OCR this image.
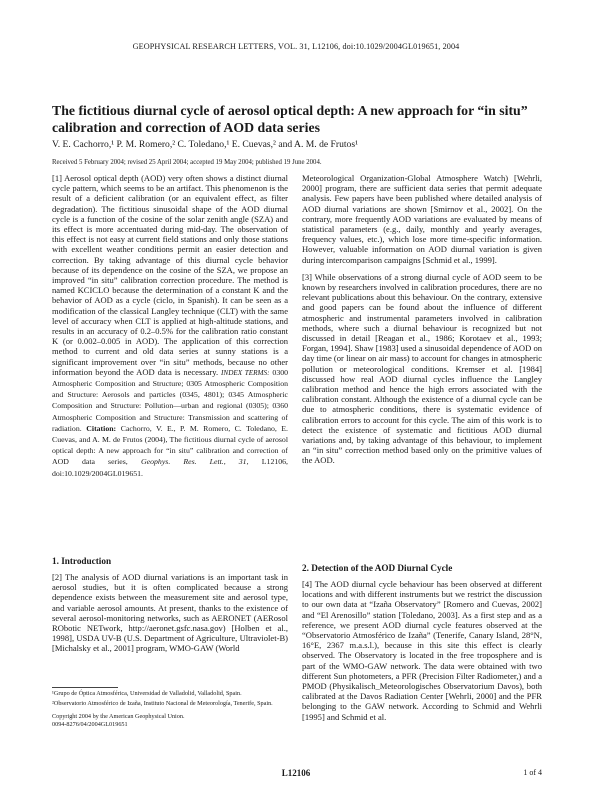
GEOPHYSICAL RESEARCH LETTERS, VOL. 31, L12106, doi:10.1029/2004GL019651, 2004
The fictitious diurnal cycle of aerosol optical depth: A new approach for “in situ” calibration and correction of AOD data series
V. E. Cachorro,¹ P. M. Romero,² C. Toledano,¹ E. Cuevas,² and A. M. de Frutos¹
Received 5 February 2004; revised 25 April 2004; accepted 19 May 2004; published 19 June 2004.

[1] Aerosol optical depth (AOD) very often shows a distinct diurnal cycle pattern, which seems to be an artifact. This phenomenon is the result of a deficient calibration (or an equivalent effect, as filter degradation). The fictitious sinusoidal shape of the AOD diurnal cycle is a function of the cosine of the solar zenith angle (SZA) and its effect is more accentuated during mid-day. The observation of this effect is not easy at current field stations and only those stations with excellent weather conditions permit an easier detection and correction. By taking advantage of this diurnal cycle behavior because of its dependence on the cosine of the SZA, we propose an improved “in situ” calibration correction procedure. The method is named KCICLO because the determination of a constant K and the behavior of AOD as a cycle (ciclo, in Spanish). It can be seen as a modification of the classical Langley technique (CLT) with the same level of accuracy when CLT is applied at high-altitude stations, and results in an accuracy of 0.2–0.5% for the calibration ratio constant K (or 0.002–0.005 in AOD). The application of this correction method to current and old data series at sunny stations is a significant improvement over “in situ” methods, because no other information beyond the AOD data is necessary. INDEX TERMS: 0300 Atmospheric Composition and Structure; 0305 Atmospheric Composition and Structure: Aerosols and particles (0345, 4801); 0345 Atmospheric Composition and Structure: Pollution—urban and regional (0305); 0360 Atmospheric Composition and Structure: Transmission and scattering of radiation. Citation: Cachorro, V. E., P. M. Romero, C. Toledano, E. Cuevas, and A. M. de Frutos (2004), The fictitious diurnal cycle of aerosol optical depth: A new approach for “in situ” calibration and correction of AOD data series, Geophys. Res. Lett., 31, L12106, doi:10.1029/2004GL019651.

1. Introduction

[2] The analysis of AOD diurnal variations is an important task in aerosol studies, but it is often complicated because a strong dependence exists between the measurement site and aerosol type, and variable aerosol amounts. At present, thanks to the existence of several aerosol-monitoring networks, such as AERONET (AERosol RObotic NETwork, http://aeronet.gsfc.nasa.gov) [Holben et al., 1998], USDA UV-B (U.S. Department of Agriculture, Ultraviolet-B) [Michalsky et al., 2001] program, WMO-GAW (World

¹Grupo de Óptica Atmosférica, Universidad de Valladolid, Valladolid, Spain.
²Observatorio Atmosférico de Izaña, Instituto Nacional de Meteorología, Tenerife, Spain.
Copyright 2004 by the American Geophysical Union.
0094-8276/04/2004GL019651

Meteorological Organization-Global Atmosphere Watch) [Wehrli, 2000] program, there are sufficient data series that permit adequate analysis. Few papers have been published where detailed analysis of AOD diurnal variations are shown [Smirnov et al., 2002]. On the contrary, more frequently AOD variations are evaluated by means of statistical parameters (e.g., daily, monthly and yearly averages, frequency values, etc.), which lose more time-specific information. However, valuable information on AOD diurnal variation is given during intercomparison campaigns [Schmid et al., 1999].

[3] While observations of a strong diurnal cycle of AOD seem to be known by researchers involved in calibration procedures, there are no relevant publications about this behaviour. On the contrary, extensive and good papers can be found about the influence of different atmospheric and instrumental parameters involved in calibration methods, where such a diurnal behaviour is recognized but not discussed in detail [Reagan et al., 1986; Korotaev et al., 1993; Forgan, 1994]. Shaw [1983] used a sinusoidal dependence of AOD on day time (or linear on air mass) to account for changes in atmospheric pollution or meteorological conditions. Kremser et al. [1984] discussed how real AOD diurnal cycles influence the Langley calibration method and hence the high errors associated with the calibration constant. Although the existence of a diurnal cycle can be due to atmospheric conditions, there is systematic evidence of calibration errors to account for this cycle. The aim of this work is to detect the existence of systematic and fictitious AOD diurnal variations and, by taking advantage of this behaviour, to implement an “in situ” correction method based only on the primitive values of the AOD.

2. Detection of the AOD Diurnal Cycle

[4] The AOD diurnal cycle behaviour has been observed at different locations and with different instruments but we restrict the discussion to our own data at “Izaña Observatory” [Romero and Cuevas, 2002] and “El Arenosillo” station [Toledano, 2003]. As a first step and as a reference, we present AOD diurnal cycle features observed at the “Observatorio Atmosférico de Izaña” (Tenerife, Canary Island, 28°N, 16°E, 2367 m.a.s.l.), because in this site this effect is clearly observed. The Observatory is located in the free troposphere and is part of the WMO-GAW network. The data were obtained with two different Sun photometers, a PFR (Precision Filter Radiometer,) and a PMOD (Physikalisch_Meteorologisches Observatorium Davos), both calibrated at the Davos Radiation Center [Wehrli, 2000] and the PFR belonging to the GAW network. According to Schmid and Wehrli [1995] and Schmid et al.

L12106	1 of 4
